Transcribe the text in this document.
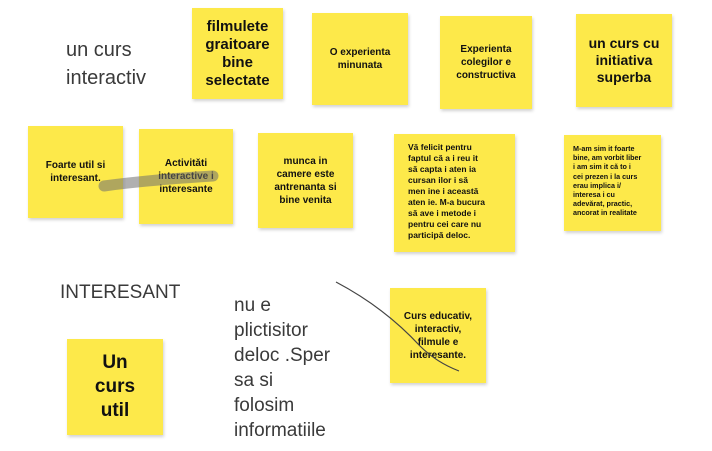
un curs
interactiv
INTERESANT
nu e
plictisitor
deloc .Sper
sa si
folosim
informatiile
filmulete
graitoare
bine
selectate
O experienta
minunata
Experienta
colegilor e
constructiva
un curs cu
initiativa
superba
Foarte util si
interesant.
Activitǎti
interactive i
interesante
munca in
camere este
antrenanta si
bine venita
Vă felicit pentru
faptul că a i reu it
să capta i aten ia
cursan ilor i să
men ine i această
aten ie. M-a bucura
să ave i metode i
pentru cei care nu
participă deloc.
M-am sim it foarte
bine, am vorbit liber
i am sim it că to i
cei prezen i la curs
erau implica i/
interesa i cu
adevărat, practic,
ancorat in realitate
Curs educativ,
interactiv,
filmule e
interesante.
Un
curs
util
